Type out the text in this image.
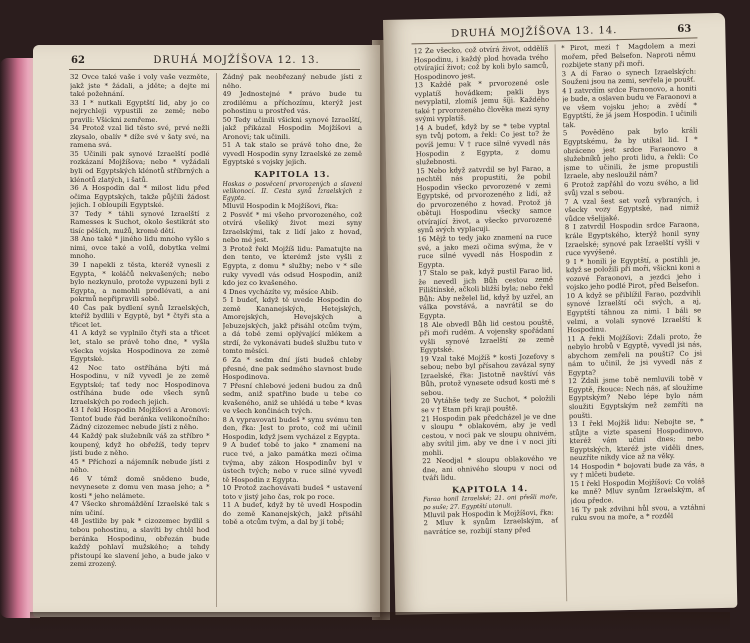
62	DRUHÁ MOJŽÍŠOVA 12. 13.

32 Ovce také vaše i voly vaše vezměte, jakž jste * žádali, a jděte; a dejte mi také požehnání.

33 I * nutkali Egyptští lid, aby jo co nejrychleji vypustili ze země; nebo pravili: Všickni zemřeme.

34 Protož vzal lid těsto své, prvé nežli zkysalo, obalív * díže své v šaty své, na ramena svá.

35 Učinili pak synové Izraelští podlé rozkázaní Mojžíšova; nebo * vyžádali byli od Egyptských klénotů stříbrných a klénotů zlatých, i šatů.

36 A Hospodin dal * milost lidu před očima Egyptských, takže půjčili žádost jejich. I obloupili Egyptské.

37 Tedy * táhli synové Izraelští z Ramesses k Suchot, okolo šestikrát sto tisíc pěších, mužů, kromě dětí.

38 Ano také * jiného lidu mnoho vyšlo s nimi, ovce také a volů, dobytka velmi mnoho.

39 I napekli z těsta, kteréž vynesli z Egypta, * koláčů nekvašených; nebo bylo nezkynulo, protože vypuzeni byli z Egypta, a nemohli prodlévati, a ani pokrmů nepřipravili sobě.

40 Čas pak bydlení synů Izraelských, kteříž bydlili v Egyptě, byl * čtyři sta a třicet let.

41 A když se vyplnilo čtyři sta a třicet let, stalo se právě toho dne, * vyšla všecka vojska Hospodinova ze země Egyptské.

42 Noc tato ostříhána býti má Hospodinu, v níž vyvedl je ze země Egyptské; tať tedy noc Hospodinova ostříhána bude ode všech synů Izraelských po rodech jejich.

43 I řekl Hospodin Mojžíšovi a Aronovi: Tentoť bude řád beránka velikonočního: Žádný cizozemec nebude jísti z něho.

44 Každý pak služebník váš za stříbro * koupený, když ho obřežíš, tedy teprv jísti bude z něho.

45 * Příchozí a nájemník nebude jísti z něho.

46 V témž domě snědeno bude, nevynesete z domu ven masa jeho; a * kosti * jeho nelámete.

47 Všecko shromáždění Izraelské tak s ním učiní.

48 Jestliže by pak * cizozemec bydlil s tebou pohostinu, a slavíti by chtěl hod beránka Hospodinu, obřezán bude každý pohlaví mužského; a tehdy přistoupí ke slavení jeho, a bude jako v zemi zrozený.

Žádný pak neobřezaný nebude jísti z něho.

49 Jednostejné * právo bude tu zrodilému a příchozímu, kterýž jest pohostinu u prostřed vás.

50 Tedy učinili všickni synové Izraelští, jakž přikázal Hospodin Mojžíšovi a Aronovi; tak učinili.

51 A tak stalo se právě toho dne, že vyvedl Hospodin syny Izraelské ze země Egyptské s vojsky jejich.

KAPITOLA 13.

Hoskas o posvěcení prvorozených a slavení velikonocí. II. Cesta synů Izraelských z Egypta.

Mluvil Hospodin k Mojžíšovi, řka:

2 Posvěť * mi všeho prvorozeného, což otvírá všeliký život mezi syny Izraelskými, tak z lidí jako z hovad, nebo mé jest.

3 Protož řekl Mojžíš lidu: Pamatujte na den tento, ve kterémž jste vyšli z Egypta, z domu * služby; nebo v * síle ruky vyvedl vás odsud Hospodin, aniž kdo jez co kvašeného.

4 Dnes vycházíte vy, měsíce Abib.

5 I budeť, když tě uvede Hospodin do země Kananejských, Hetejských, Amorejských, Hevejských a Jebuzejských, jakž přisáhl otcům tvým, a dá tobě zemi oplývající mlékem a strdí, že vykonávati budeš službu tuto v tomto měsíci.

6 Za * sedm dní jísti budeš chleby přesné, dne pak sedmého slavnost bude Hospodinova.

7 Přesní chlebové jedeni budou za dnů sedm, aniž spatřino bude u tebe co kvašeného, aniž se uhlédá u tebe * kvas ve všech končinách tvých.

8 A vypravovati budeš * synu svému ten den, řka: Jest to proto, což mi učinil Hospodin, když jsem vycházel z Egypta.

9 A budeť tobě to jako * znamení na ruce tvé, a jako památka mezi očima tvýma, aby zákon Hospodinův byl v ústech tvých; nebo v ruce silné vyvedl tě Hospodin z Egypta.

10 Protož zachovávati budeš * ustavení toto v jistý jeho čas, rok po roce.

11 A budeť, když by tě uvedl Hospodin do země Kananejských, jakž přisáhl tobě a otcům tvým, a dal by jí tobě;

DRUHÁ MOJŽÍŠOVA 13. 14.	63

12 Že všecko, což otvírá život, oddělíš Hospodinu, i každý plod hovada tvého otvírající život; což by koli bylo samců, Hospodinovo jest.

13 Každé pak * prvorozené osle vyplatíš hovádkem; pakli bys nevyplatil, zlomíš jemu šíji. Každého také † prvorozeného člověka mezi syny svými vyplatíš.

14 A budeť, když by se * tebe vyptal syn tvůj potom, a řekl: Co jest to? že povíš jemu: V † ruce silné vyvedl nás Hospodin z Egypta, z domu služebnosti.

15 Nebo když zatvrdil se byl Farao, a nechtěl nás propustiti, že pobil Hospodin všecko prvorozené v zemi Egyptské, od prvorozeného z lidí, až do prvorozeného z hovad. Protož já obětuji Hospodinu všecky samce otvírající život, a všecko prvorozené synů svých vyplacuji.

16 Mějž to tedy jako znamení na ruce své, a jako mezi očima svýma, že v ruce silné vyvedl nás Hospodin z Egypta.

17 Stalo se pak, když pustil Farao lid, že nevedl jich Bůh cestou země Filištínské, ačkoli bližší byla; nebo řekl Bůh: Aby neželel lid, když by uzřel, an válka povstává, a navrátil se do Egypta.

18 Ale obvedl Bůh lid cestou pouště, při moři rudém. A vojensky spořádaní vyšli synové Izraelští ze země Egyptské.

19 Vzal také Mojžíš * kosti Jozefovy s sebou; nebo byl přísahou zavázal syny Izraelské, řka: Jistotně navštíví vás Bůh, protož vynesete odsud kosti mé s sebou.

20 Vytáhše tedy ze Suchot, * položili se v † Etam při kraji pouště.

21 Hospodin pak předcházel je ve dne v sloupu * oblakovém, aby je vedl cestou, v noci pak ve sloupu ohnivém, aby svítil jim, aby ve dne i v noci jíti mohli.

22 Neodjal * sloupu oblakového ve dne, ani ohnivého sloupu v noci od tváři lidu.

KAPITOLA 14.

Farao honil Izraelské; 21. oni přešli moře, po suše; 27. Egyptští utonuli.

Mluvil pak Hospodin k Mojžíšovi, řka:

2 Mluv k synům Izraelským, ať navrátíce se, rozbijí stany před

* Pirot, mezi † Magdolem a mezi mořem, před Belsefon. Naproti němu rozbijete stany při moři.

3 A dí Farao o synech Izraelských: Souženi jsou na zemi, sevřela je poušť.

4 I zatvrdím srdce Faraonovo, a honiti je bude, a oslaven budu ve Faraonovi a ve všem vojsku jeho; a zvědí * Egyptští, že já jsem Hospodin. I učinili tak.

5 Pověděno pak bylo králi Egyptskému, že by utíkal lid. I * obráceno jest srdce Faraonovo a služebníků jeho proti lidu, a řekli: Co jsme to učinili, že jsme propustili Izraele, aby nesloužil nám?

6 Protož zapřáhl do vozu svého, a lid svůj vzal s sebou.

7 A vzal šest set vozů vybraných, i všecky vozy Egyptské, nad nimiž vůdce všelijaké.

8 I zatvrdil Hospodin srdce Faraona, krále Egyptského, kterýž honil syny Izraelské; synové pak Izraelští vyšli v ruce vyvýšené.

9 I * honili je Egyptští, a postihli je, když se položili při moři, všickni koni a vozové Faraonovi, a jezdci jeho i vojsko jeho podlé Pirot, před Belsefon.

10 A když se přiblížil Farao, pozdvihli synové Izraelští oči svých, a aj, Egyptští táhnou za nimi. I báli se velmi, a volali synové Izraelští k Hospodinu.

11 A řekli Mojžíšovi: Zdali proto, že nebylo hrobů v Egyptě, vyvedl jsi nás, abychom zemřeli na poušti? Co jsi nám to učinil, že jsi vyvedl nás z Egypta?

12 Zdali jsme tobě nemluvili tobě v Egyptě, řkouce: Nech nás, ať sloužíme Egyptským? Nebo lépe bylo nám sloužiti Egyptským než zemříti na poušti.

13 I řekl Mojžíš lidu: Nebojte se, * stůjte a vizte spasení Hospodinovo, kteréž vám učiní dnes; nebo Egyptských, kteréž jste viděli dnes, neuzříte nikdy více až na věky.

14 Hospodin * bojovati bude za vás, a vy † mlčeti budete.

15 I řekl Hospodin Mojžíšovi: Co voláš ke mně? Mluv synům Izraelským, ať jdou předce.

16 Ty pak zdvihni hůl svou, a vztáhni ruku svou na moře, a * rozděl
